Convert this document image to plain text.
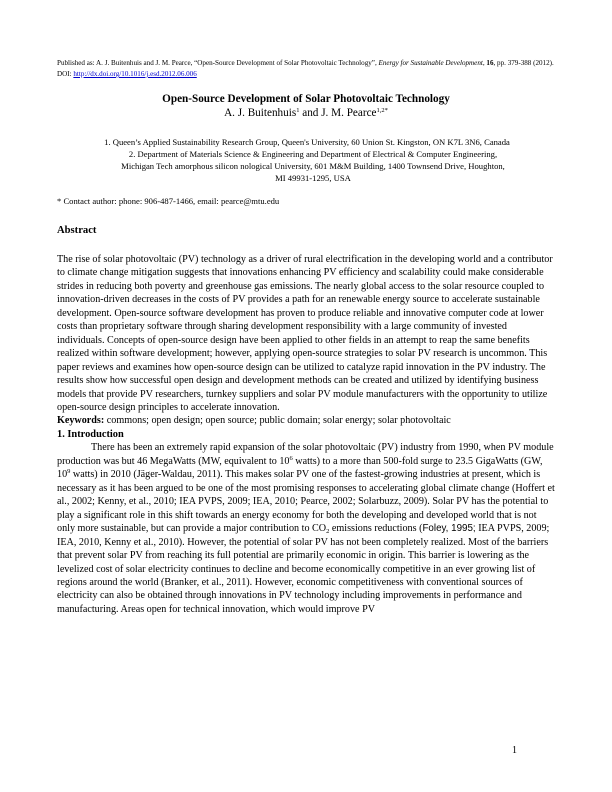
Published as: A. J. Buitenhuis and J. M. Pearce, “Open-Source Development of Solar Photovoltaic Technology”, Energy for Sustainable Development, 16, pp. 379-388 (2012). DOI: http://dx.doi.org/10.1016/j.esd.2012.06.006
Open-Source Development of Solar Photovoltaic Technology
A. J. Buitenhuis$^1$ and J. M. Pearce$^{1,2*}$
1. Queen’s Applied Sustainability Research Group, Queen's University, 60 Union St. Kingston, ON K7L 3N6, Canada
2. Department of Materials Science & Engineering and Department of Electrical & Computer Engineering,
Michigan Tech amorphous silicon nological University, 601 M&M Building, 1400 Townsend Drive, Houghton,
MI 49931-1295, USA
* Contact author: phone: 906-487-1466, email: pearce@mtu.edu
Abstract

The rise of solar photovoltaic (PV) technology as a driver of rural electrification in the developing world and a contributor to climate change mitigation suggests that innovations enhancing PV efficiency and scalability could make considerable strides in reducing both poverty and greenhouse gas emissions. The nearly global access to the solar resource coupled to innovation-driven decreases in the costs of PV provides a path for an renewable energy source to accelerate sustainable development. Open-source software development has proven to produce reliable and innovative computer code at lower costs than proprietary software through sharing development responsibility with a large community of invested individuals. Concepts of open-source design have been applied to other fields in an attempt to reap the same benefits realized within software development; however, applying open-source strategies to solar PV research is uncommon. This paper reviews and examines how open-source design can be utilized to catalyze rapid innovation in the PV industry. The results show how successful open design and development methods can be created and utilized by identifying business models that provide PV researchers, turnkey suppliers and solar PV module manufacturers with the opportunity to utilize open-source design principles to accelerate innovation.

Keywords: commons; open design; open source; public domain; solar energy; solar photovoltaic

1. Introduction

There has been an extremely rapid expansion of the solar photovoltaic (PV) industry from 1990, when PV module production was but 46 MegaWatts (MW, equivalent to $10^6$ watts) to a more than 500-fold surge to 23.5 GigaWatts (GW, $10^9$ watts) in 2010 (Jäger-Waldau, 2011). This makes solar PV one of the fastest-growing industries at present, which is necessary as it has been argued to be one of the most promising responses to accelerating global climate change (Hoffert et al., 2002; Kenny, et al., 2010; IEA PVPS, 2009; IEA, 2010; Pearce, 2002; Solarbuzz, 2009). Solar PV has the potential to play a significant role in this shift towards an energy economy for both the developing and developed world that is not only more sustainable, but can provide a major contribution to $CO_2$ emissions reductions (Foley, 1995; IEA PVPS, 2009; IEA, 2010, Kenny et al., 2010). However, the potential of solar PV has not been completely realized. Most of the barriers that prevent solar PV from reaching its full potential are primarily economic in origin. This barrier is lowering as the levelized cost of solar electricity continues to decline and become economically competitive in an ever growing list of regions around the world (Branker, et al., 2011). However, economic competitiveness with conventional sources of electricity can also be obtained through innovations in PV technology including improvements in performance and manufacturing. Areas open for technical innovation, which would improve PV

1
